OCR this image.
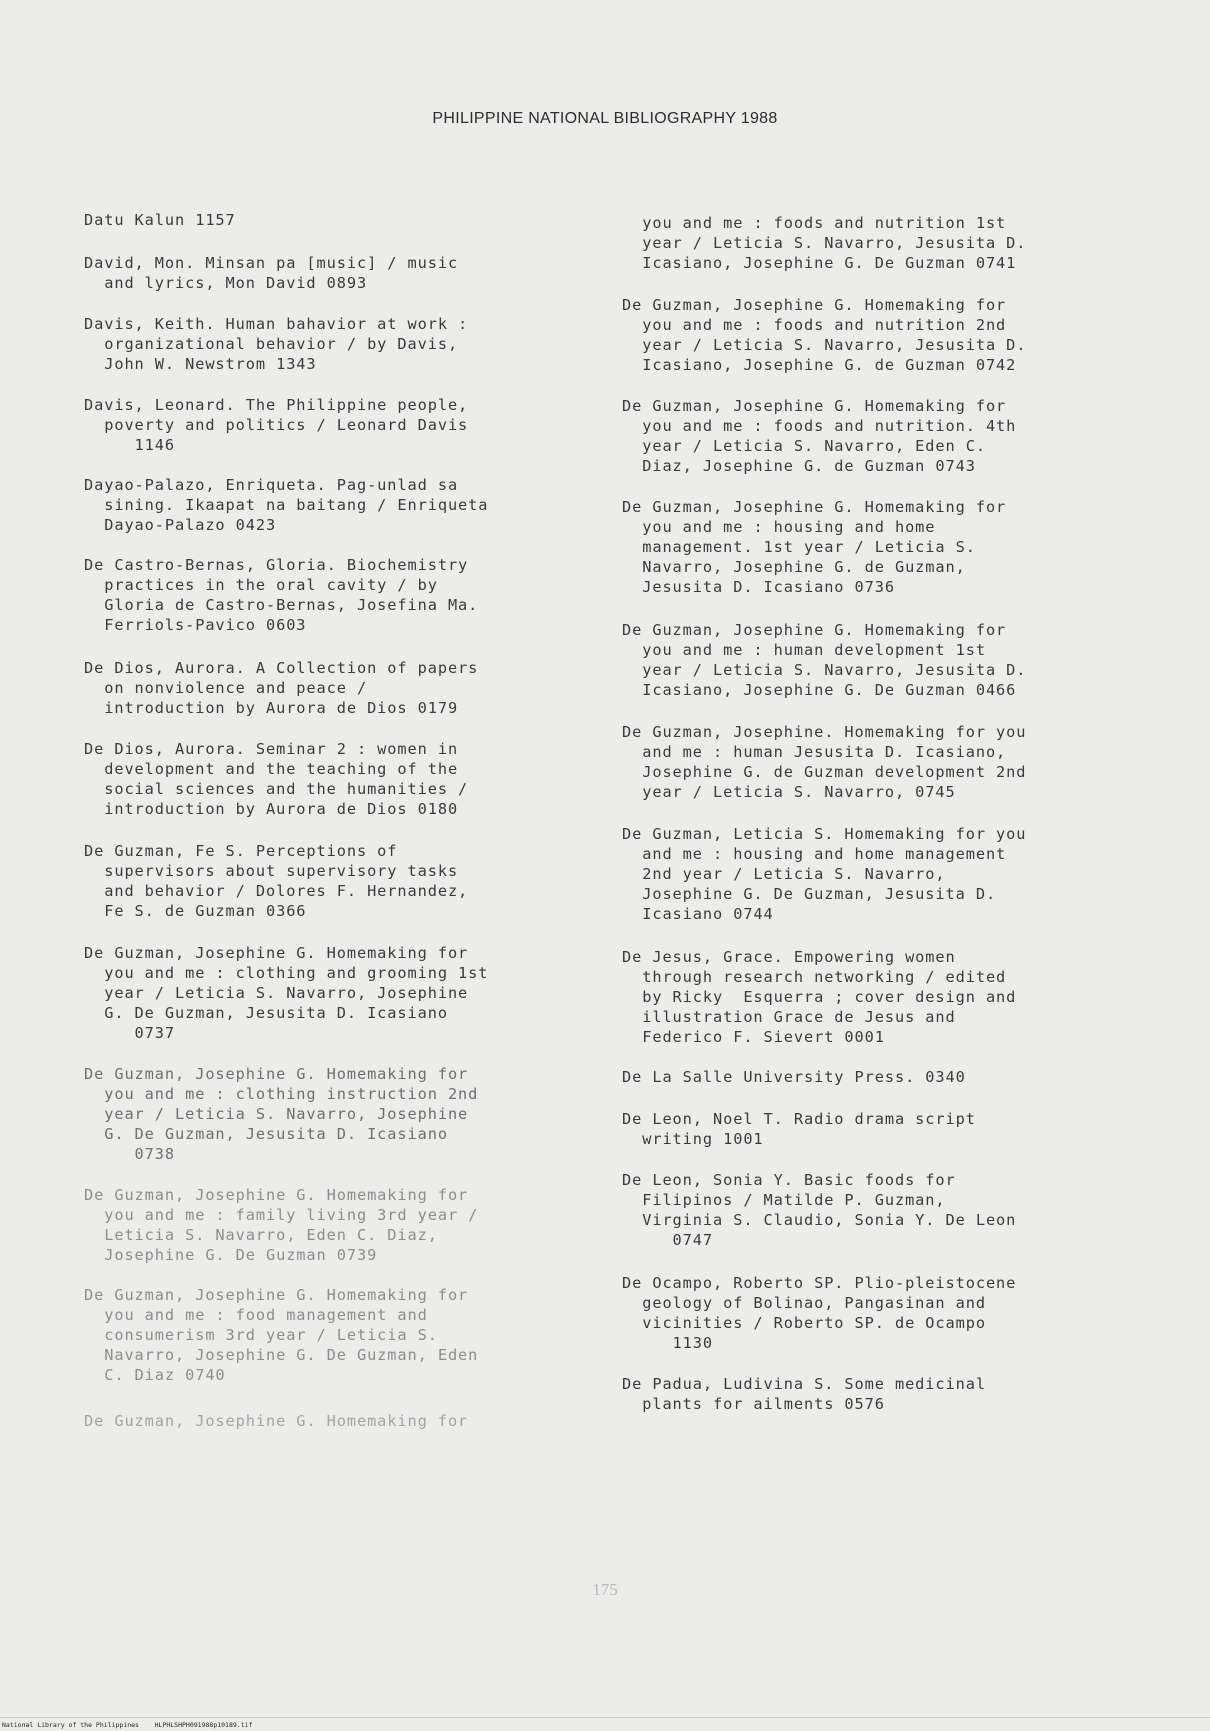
PHILIPPINE NATIONAL BIBLIOGRAPHY 1988

Datu Kalun 1157

David, Mon. Minsan pa [music] / music
and lyrics, Mon David 0893

Davis, Keith. Human bahavior at work :
organizational behavior / by Davis,
John W. Newstrom 1343

Davis, Leonard. The Philippine people,
poverty and politics / Leonard Davis
1146

Dayao-Palazo, Enriqueta. Pag-unlad sa
sining. Ikaapat na baitang / Enriqueta
Dayao-Palazo 0423

De Castro-Bernas, Gloria. Biochemistry
practices in the oral cavity / by
Gloria de Castro-Bernas, Josefina Ma.
Ferriols-Pavico 0603

De Dios, Aurora. A Collection of papers
on nonviolence and peace /
introduction by Aurora de Dios 0179

De Dios, Aurora. Seminar 2 : women in
development and the teaching of the
social sciences and the humanities /
introduction by Aurora de Dios 0180

De Guzman, Fe S. Perceptions of
supervisors about supervisory tasks
and behavior / Dolores F. Hernandez,
Fe S. de Guzman 0366

De Guzman, Josephine G. Homemaking for
you and me : clothing and grooming 1st
year / Leticia S. Navarro, Josephine
G. De Guzman, Jesusita D. Icasiano
0737

De Guzman, Josephine G. Homemaking for
you and me : clothing instruction 2nd
year / Leticia S. Navarro, Josephine
G. De Guzman, Jesusita D. Icasiano
0738

De Guzman, Josephine G. Homemaking for
you and me : family living 3rd year /
Leticia S. Navarro, Eden C. Diaz,
Josephine G. De Guzman 0739

De Guzman, Josephine G. Homemaking for
you and me : food management and
consumerism 3rd year / Leticia S.
Navarro, Josephine G. De Guzman, Eden
C. Diaz 0740

De Guzman, Josephine G. Homemaking for

you and me : foods and nutrition 1st
year / Leticia S. Navarro, Jesusita D.
Icasiano, Josephine G. De Guzman 0741

De Guzman, Josephine G. Homemaking for
you and me : foods and nutrition 2nd
year / Leticia S. Navarro, Jesusita D.
Icasiano, Josephine G. de Guzman 0742

De Guzman, Josephine G. Homemaking for
you and me : foods and nutrition. 4th
year / Leticia S. Navarro, Eden C.
Diaz, Josephine G. de Guzman 0743

De Guzman, Josephine G. Homemaking for
you and me : housing and home
management. 1st year / Leticia S.
Navarro, Josephine G. de Guzman,
Jesusita D. Icasiano 0736

De Guzman, Josephine G. Homemaking for
you and me : human development 1st
year / Leticia S. Navarro, Jesusita D.
Icasiano, Josephine G. De Guzman 0466

De Guzman, Josephine. Homemaking for you
and me : human Jesusita D. Icasiano,
Josephine G. de Guzman development 2nd
year / Leticia S. Navarro, 0745

De Guzman, Leticia S. Homemaking for you
and me : housing and home management
2nd year / Leticia S. Navarro,
Josephine G. De Guzman, Jesusita D.
Icasiano 0744

De Jesus, Grace. Empowering women
through research networking / edited
by Ricky  Esquerra ; cover design and
illustration Grace de Jesus and
Federico F. Sievert 0001

De La Salle University Press. 0340

De Leon, Noel T. Radio drama script
writing 1001

De Leon, Sonia Y. Basic foods for
Filipinos / Matilde P. Guzman,
Virginia S. Claudio, Sonia Y. De Leon
0747

De Ocampo, Roberto SP. Plio-pleistocene
geology of Bolinao, Pangasinan and
vicinities / Roberto SP. de Ocampo
1130

De Padua, Ludivina S. Some medicinal
plants for ailments 0576

175
National Library of the Philippines    HLPHLSHPH091988p10189.tif
